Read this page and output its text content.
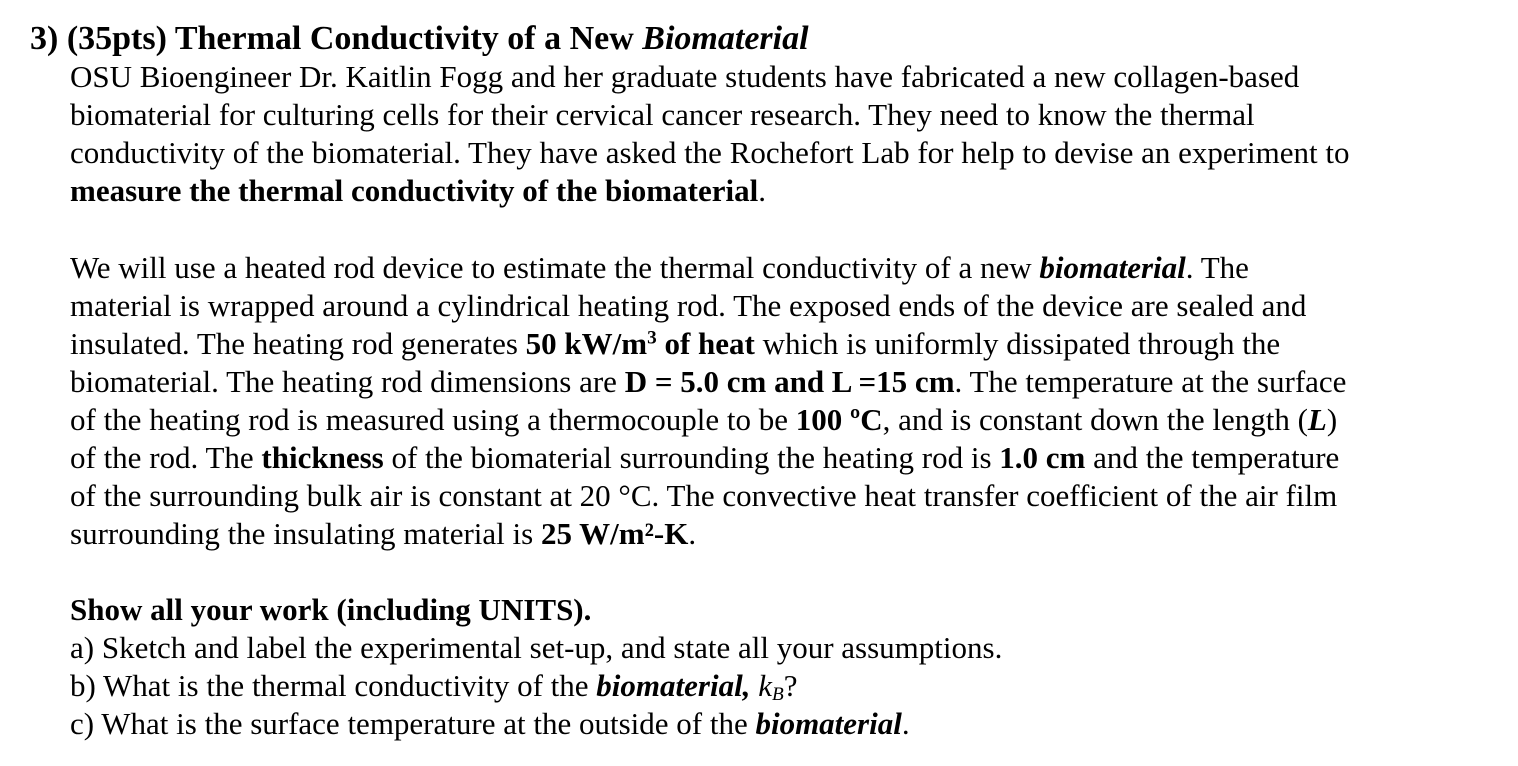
3) (35pts) Thermal Conductivity of a New Biomaterial
OSU Bioengineer Dr. Kaitlin Fogg and her graduate students have fabricated a new collagen-based
biomaterial for culturing cells for their cervical cancer research. They need to know the thermal
conductivity of the biomaterial. They have asked the Rochefort Lab for help to devise an experiment to
measure the thermal conductivity of the biomaterial.
We will use a heated rod device to estimate the thermal conductivity of a new biomaterial. The
material is wrapped around a cylindrical heating rod. The exposed ends of the device are sealed and
insulated. The heating rod generates 50 $kW/m^3$ of heat which is uniformly dissipated through the
biomaterial. The heating rod dimensions are D = 5.0 cm and L =15 cm. The temperature at the surface
of the heating rod is measured using a thermocouple to be 100 ºC, and is constant down the length (L)
of the rod. The thickness of the biomaterial surrounding the heating rod is 1.0 cm and the temperature
of the surrounding bulk air is constant at 20 °C. The convective heat transfer coefficient of the air film
surrounding the insulating material is 25 W/m²-K.
Show all your work (including UNITS).
a) Sketch and label the experimental set-up, and state all your assumptions.
b) What is the thermal conductivity of the biomaterial, $k_B$?
c) What is the surface temperature at the outside of the biomaterial.
